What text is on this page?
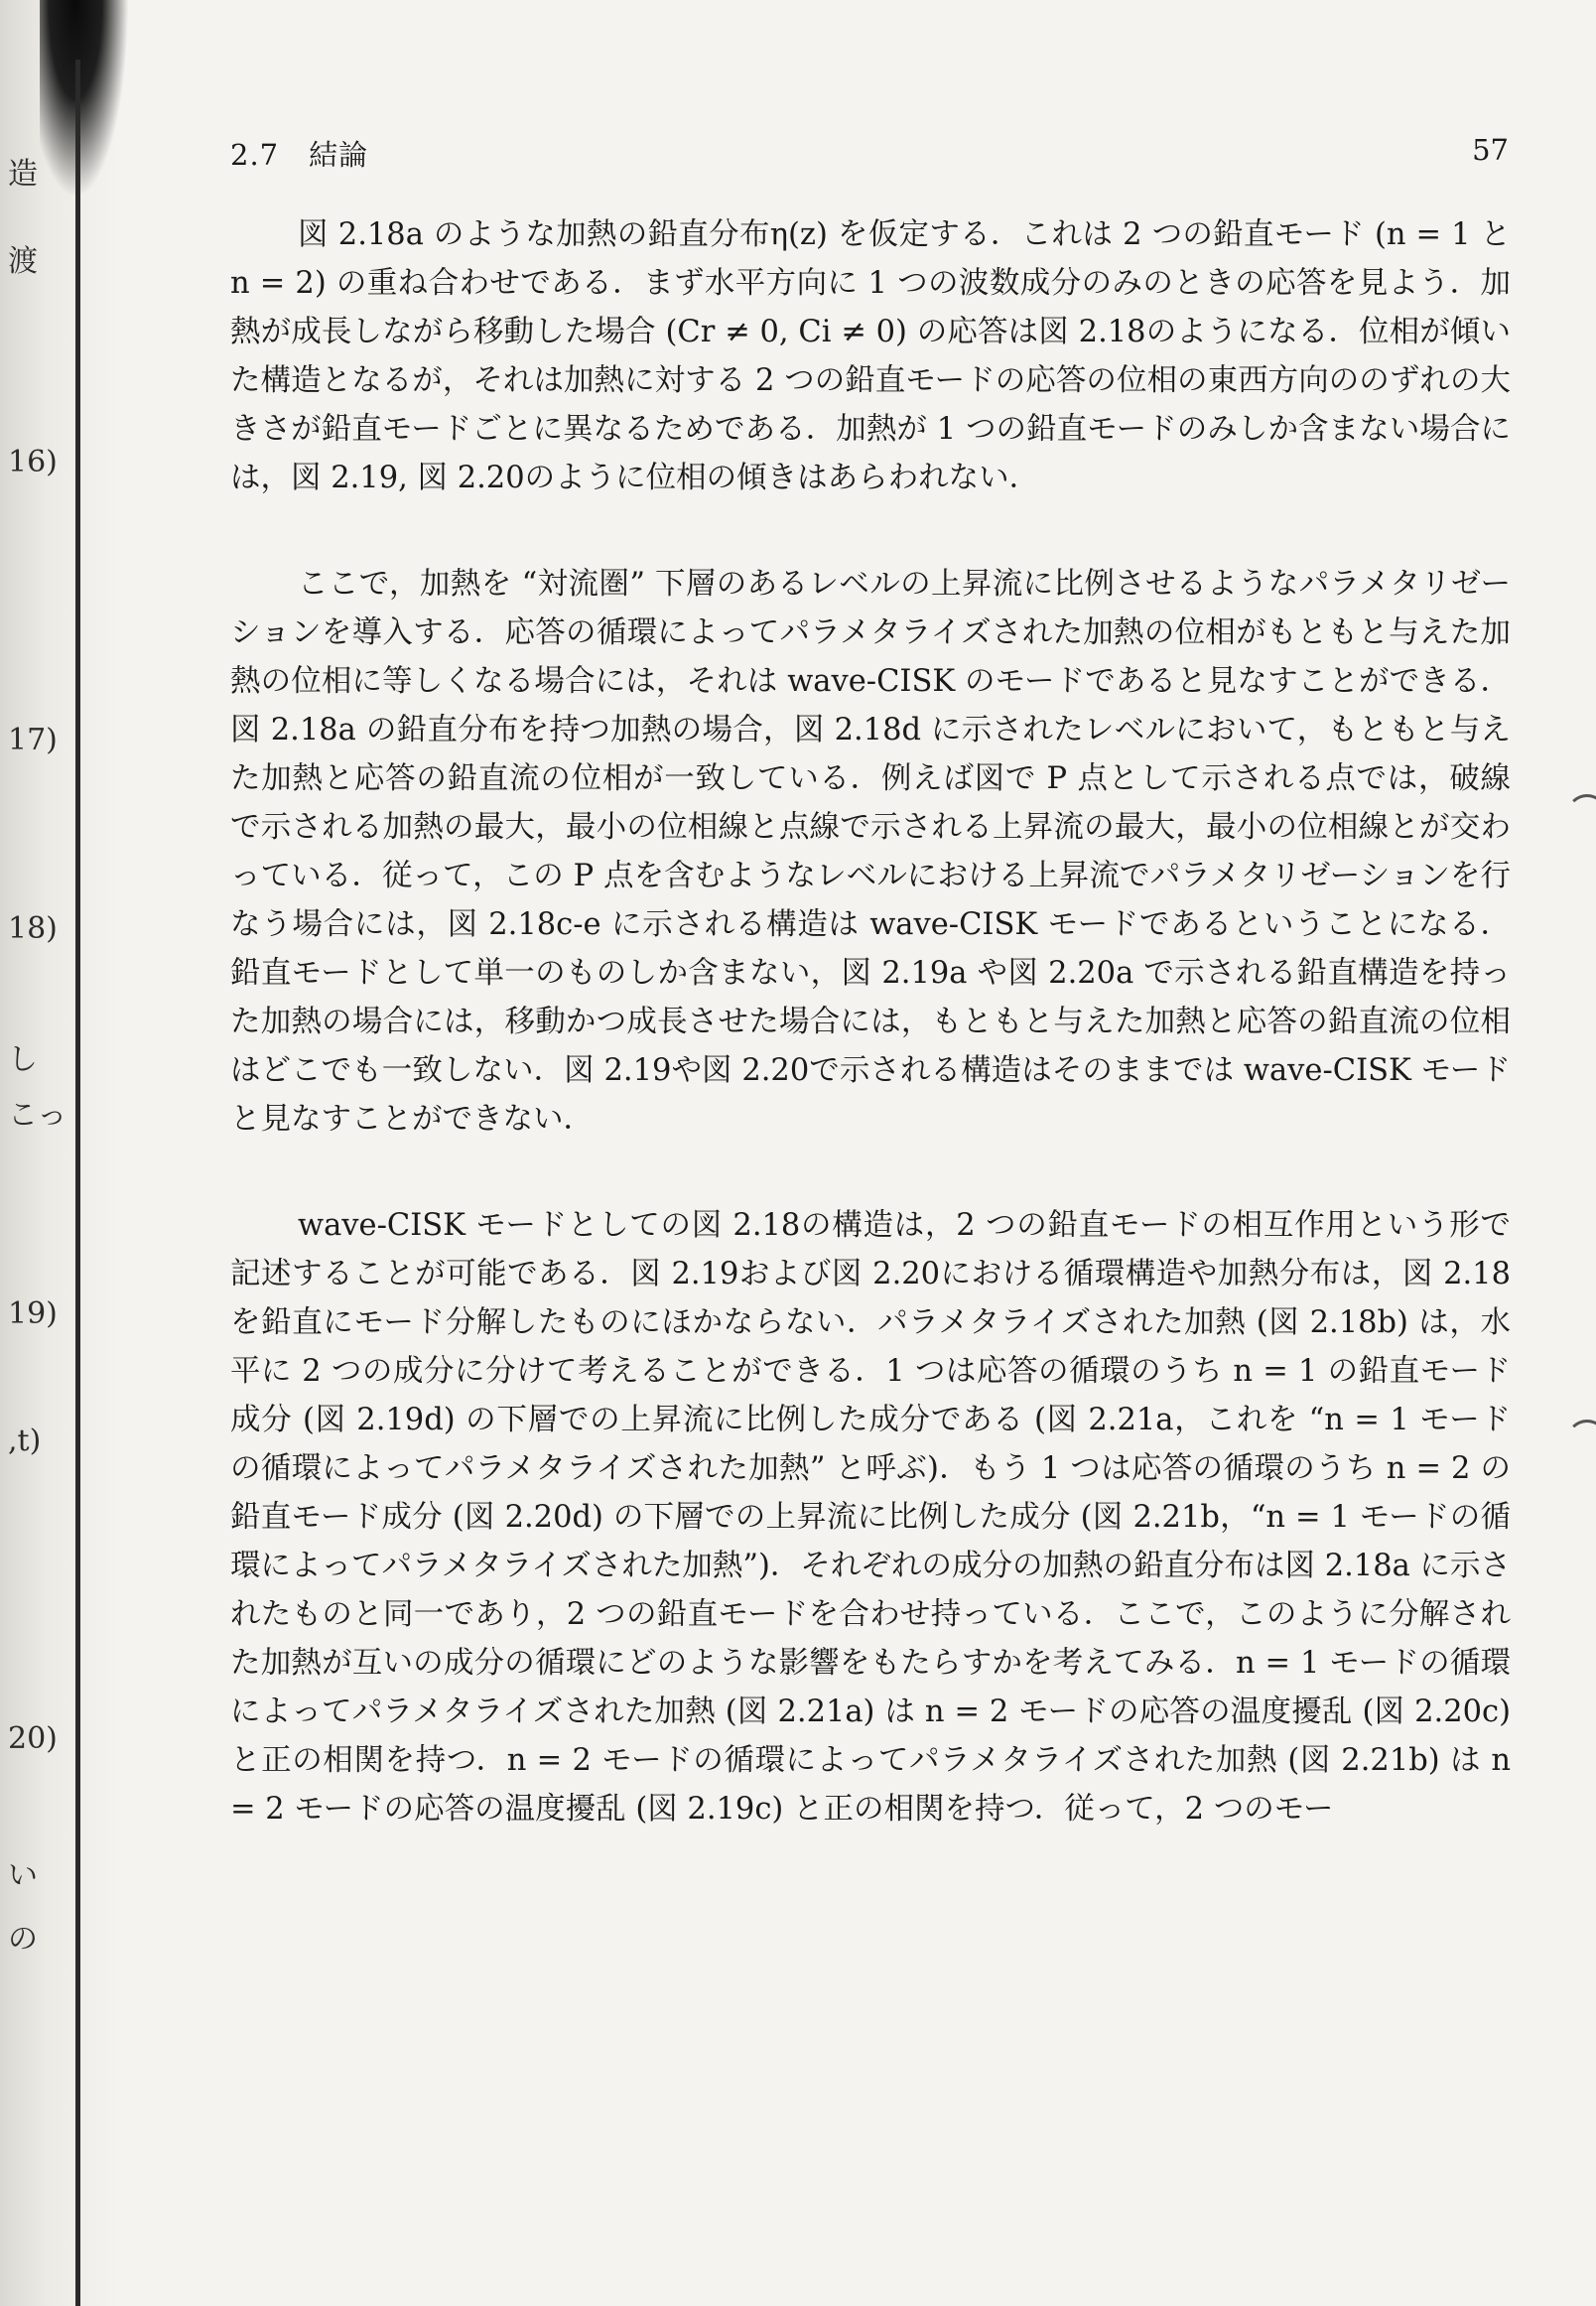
造
渡
16)
17)
18)
し
こっ
19)
,t)
20)
い
の
2.7　結論	57

図 2.18a のような加熱の鉛直分布η(z) を仮定する．これは 2 つの鉛直モード (n = 1 と n = 2) の重ね合わせである．まず水平方向に 1 つの波数成分のみのときの応答を見よう．加熱が成長しながら移動した場合 (Cr ≠ 0, Ci ≠ 0) の応答は図 2.18のようになる．位相が傾いた構造となるが，それは加熱に対する 2 つの鉛直モードの応答の位相の東西方向ののずれの大きさが鉛直モードごとに異なるためである．加熱が 1 つの鉛直モードのみしか含まない場合には，図 2.19, 図 2.20のように位相の傾きはあらわれない．

ここで，加熱を “対流圏” 下層のあるレベルの上昇流に比例させるようなパラメタリゼーションを導入する．応答の循環によってパラメタライズされた加熱の位相がもともと与えた加熱の位相に等しくなる場合には，それは wave-CISK のモードであると見なすことができる．図 2.18a の鉛直分布を持つ加熱の場合，図 2.18d に示されたレベルにおいて，もともと与えた加熱と応答の鉛直流の位相が一致している．例えば図で P 点として示される点では，破線で示される加熱の最大，最小の位相線と点線で示される上昇流の最大，最小の位相線とが交わっている．従って，この P 点を含むようなレベルにおける上昇流でパラメタリゼーションを行なう場合には，図 2.18c-e に示される構造は wave-CISK モードであるということになる．鉛直モードとして単一のものしか含まない，図 2.19a や図 2.20a で示される鉛直構造を持った加熱の場合には，移動かつ成長させた場合には，もともと与えた加熱と応答の鉛直流の位相はどこでも一致しない．図 2.19や図 2.20で示される構造はそのままでは wave-CISK モードと見なすことができない．

wave-CISK モードとしての図 2.18の構造は，2 つの鉛直モードの相互作用という形で記述することが可能である．図 2.19および図 2.20における循環構造や加熱分布は，図 2.18 を鉛直にモード分解したものにほかならない．パラメタライズされた加熱 (図 2.18b) は，水平に 2 つの成分に分けて考えることができる．1 つは応答の循環のうち n = 1 の鉛直モード成分 (図 2.19d) の下層での上昇流に比例した成分である (図 2.21a，これを “n = 1 モードの循環によってパラメタライズされた加熱” と呼ぶ)．もう 1 つは応答の循環のうち n = 2 の鉛直モード成分 (図 2.20d) の下層での上昇流に比例した成分 (図 2.21b，“n = 1 モードの循環によってパラメタライズされた加熱”)．それぞれの成分の加熱の鉛直分布は図 2.18a に示されたものと同一であり，2 つの鉛直モードを合わせ持っている．ここで，このように分解された加熱が互いの成分の循環にどのような影響をもたらすかを考えてみる．n = 1 モードの循環によってパラメタライズされた加熱 (図 2.21a) は n = 2 モードの応答の温度擾乱 (図 2.20c) と正の相関を持つ．n = 2 モードの循環によってパラメタライズされた加熱 (図 2.21b) は n = 2 モードの応答の温度擾乱 (図 2.19c) と正の相関を持つ．従って，2 つのモー
